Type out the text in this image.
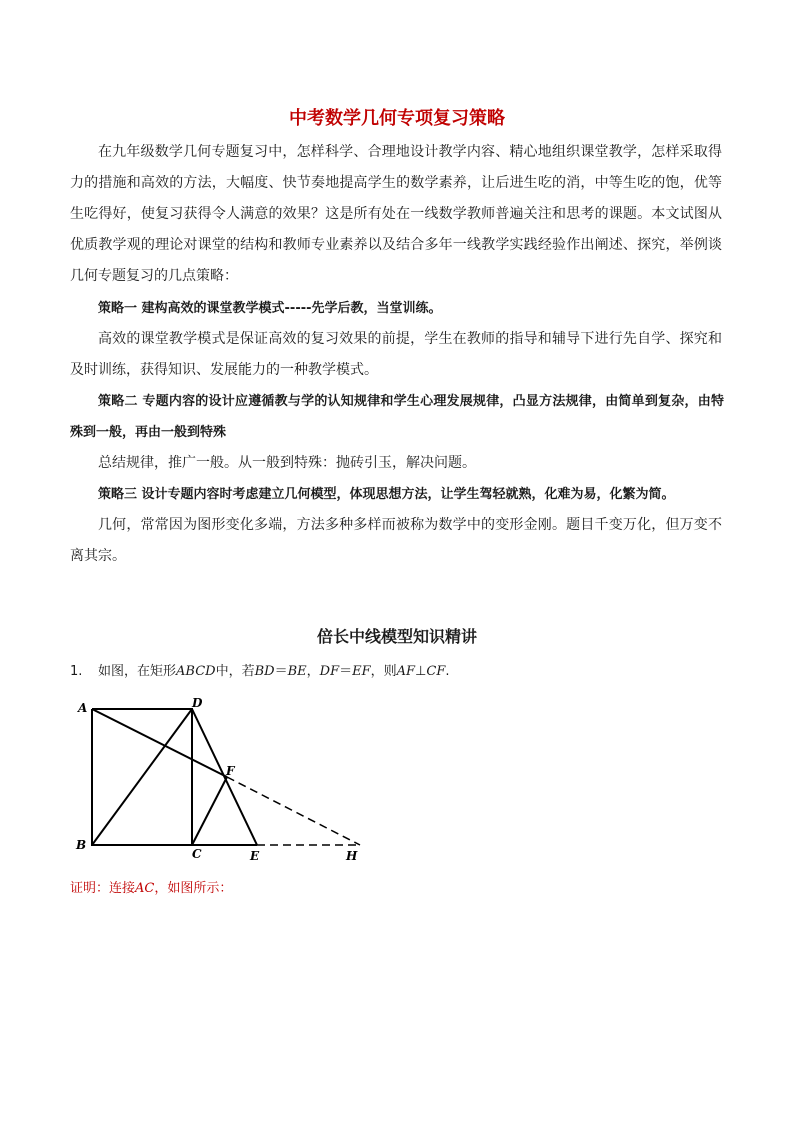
中考数学几何专项复习策略

在九年级数学几何专题复习中，怎样科学、合理地设计教学内容、精心地组织课堂教学，怎样采取得力的措施和高效的方法，大幅度、快节奏地提高学生的数学素养，让后进生吃的消，中等生吃的饱，优等生吃得好，使复习获得令人满意的效果？这是所有处在一线数学教师普遍关注和思考的课题。本文试图从优质教学观的理论对课堂的结构和教师专业素养以及结合多年一线教学实践经验作出阐述、探究，举例谈几何专题复习的几点策略：

策略一 建构高效的课堂教学模式-----先学后教，当堂训练。

高效的课堂教学模式是保证高效的复习效果的前提，学生在教师的指导和辅导下进行先自学、探究和及时训练，获得知识、发展能力的一种教学模式。

策略二 专题内容的设计应遵循教与学的认知规律和学生心理发展规律，凸显方法规律，由简单到复杂，由特殊到一般，再由一般到特殊

总结规律，推广一般。从一般到特殊：抛砖引玉，解决问题。

策略三 设计专题内容时考虑建立几何模型，体现思想方法，让学生驾轻就熟，化难为易，化繁为简。

几何，常常因为图形变化多端，方法多种多样而被称为数学中的变形金刚。题目千变万化，但万变不离其宗。

倍长中线模型知识精讲
1. 如图，在矩形ABCD中，若BD＝BE，DF＝EF，则AF⊥CF.
A	D
F
B
C	E	H
证明：连接AC，如图所示：
